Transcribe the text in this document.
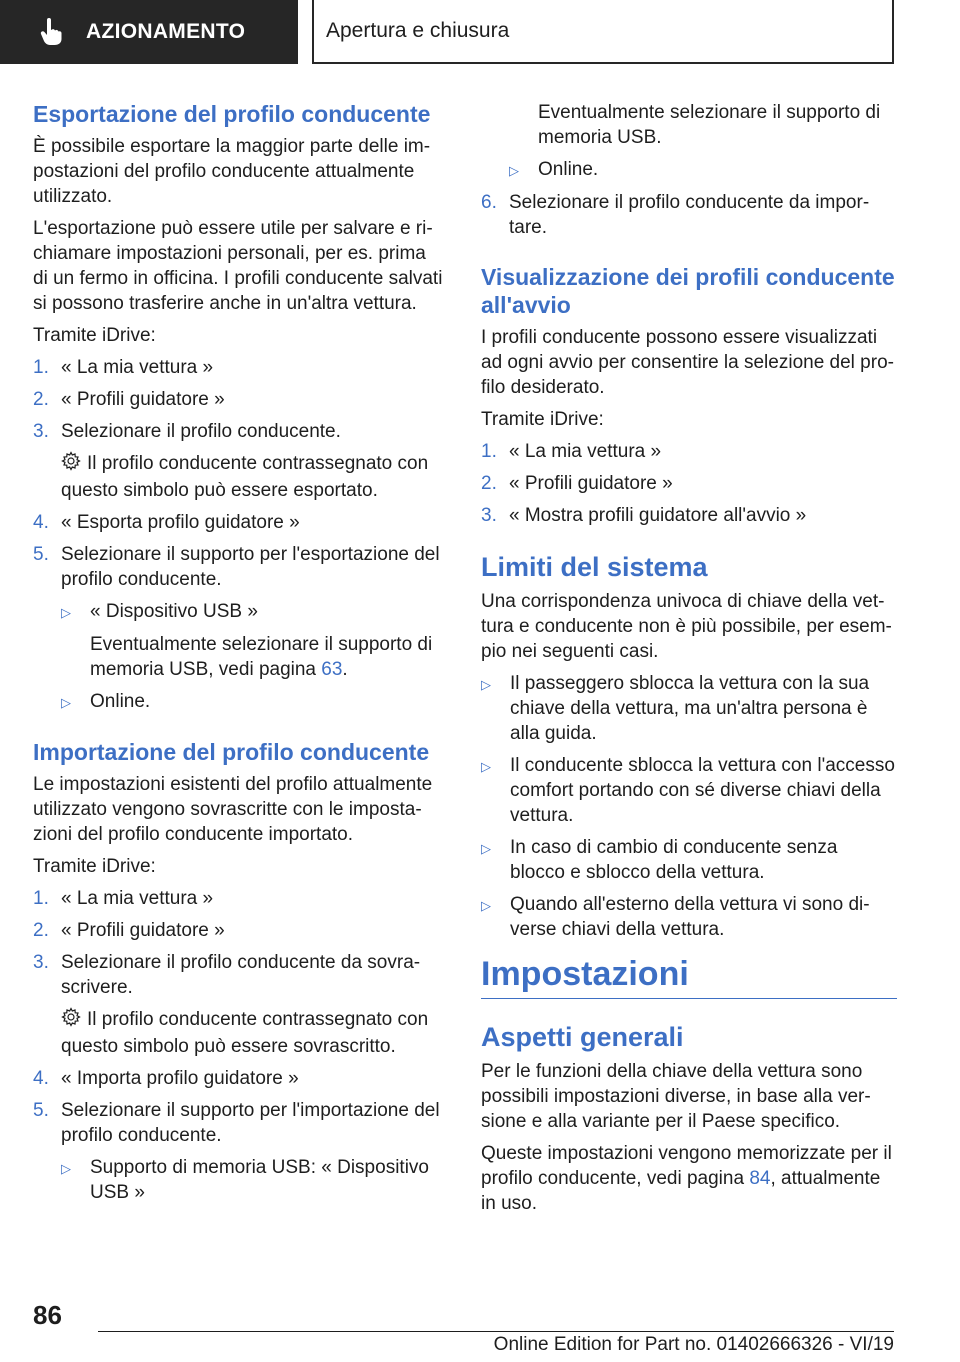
AZIONAMENTO	Apertura e chiusura
Esportazione del profilo conducente

È possibile esportare la maggior parte delle impostazioni del profilo conducente attualmente utilizzato.

L'esportazione può essere utile per salvare e richiamare impostazioni personali, per es. prima di un fermo in officina. I profili conducente salvati si possono trasferire anche in un'altra vettura.

Tramite iDrive:

1. « La mia vettura »
2. « Profili guidatore »
3. Selezionare il profilo conducente.
Il profilo conducente contrassegnato con questo simbolo può essere esportato.
4. « Esporta profilo guidatore »
5. Selezionare il supporto per l'esportazione del profilo conducente.
▷	« Dispositivo USB »
Eventualmente selezionare il supporto di memoria USB, vedi pagina 63.
▷	Online.
Importazione del profilo conducente

Le impostazioni esistenti del profilo attualmente utilizzato vengono sovrascritte con le impostazioni del profilo conducente importato.

Tramite iDrive:

1. « La mia vettura »
2. « Profili guidatore »
3. Selezionare il profilo conducente da sovrascrivere.
Il profilo conducente contrassegnato con questo simbolo può essere sovrascritto.
4. « Importa profilo guidatore »
5. Selezionare il supporto per l'importazione del profilo conducente.
▷	Supporto di memoria USB: « Dispositivo USB »
Eventualmente selezionare il supporto di memoria USB.
▷	Online.
6. Selezionare il profilo conducente da importare.
Visualizzazione dei profili conducente all'avvio

I profili conducente possono essere visualizzati ad ogni avvio per consentire la selezione del profilo desiderato.

Tramite iDrive:

1. « La mia vettura »
2. « Profili guidatore »
3. « Mostra profili guidatore all'avvio »
Limiti del sistema

Una corrispondenza univoca di chiave della vettura e conducente non è più possibile, per esempio nei seguenti casi.

▷	Il passeggero sblocca la vettura con la sua chiave della vettura, ma un'altra persona è alla guida.
▷	Il conducente sblocca la vettura con l'accesso comfort portando con sé diverse chiavi della vettura.
▷	In caso di cambio di conducente senza blocco e sblocco della vettura.
▷	Quando all'esterno della vettura vi sono diverse chiavi della vettura.
Impostazioni
Aspetti generali

Per le funzioni della chiave della vettura sono possibili impostazioni diverse, in base alla versione e alla variante per il Paese specifico.

Queste impostazioni vengono memorizzate per il profilo conducente, vedi pagina 84, attualmente in uso.

86
Online Edition for Part no. 01402666326 - VI/19
